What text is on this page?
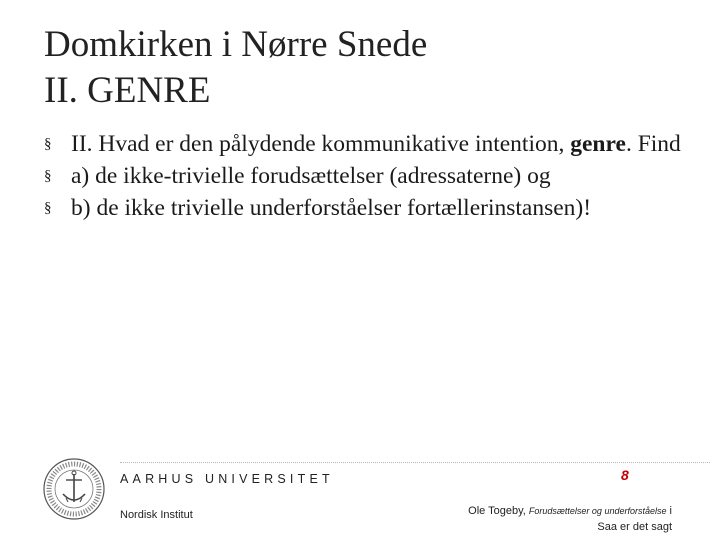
Domkirken i Nørre Snede
II. GENRE
§ II. Hvad er den pålydende kommunikative intention, genre. Find
§ a) de ikke-trivielle forudsættelser (adressaterne) og
§ b) de ikke trivielle underforståelser fortællerinstansen)!
AARHUS UNIVERSITET	8
Nordisk Institut	Ole Togeby, Forudsættelser og underforståelse i
Saa er det sagt
